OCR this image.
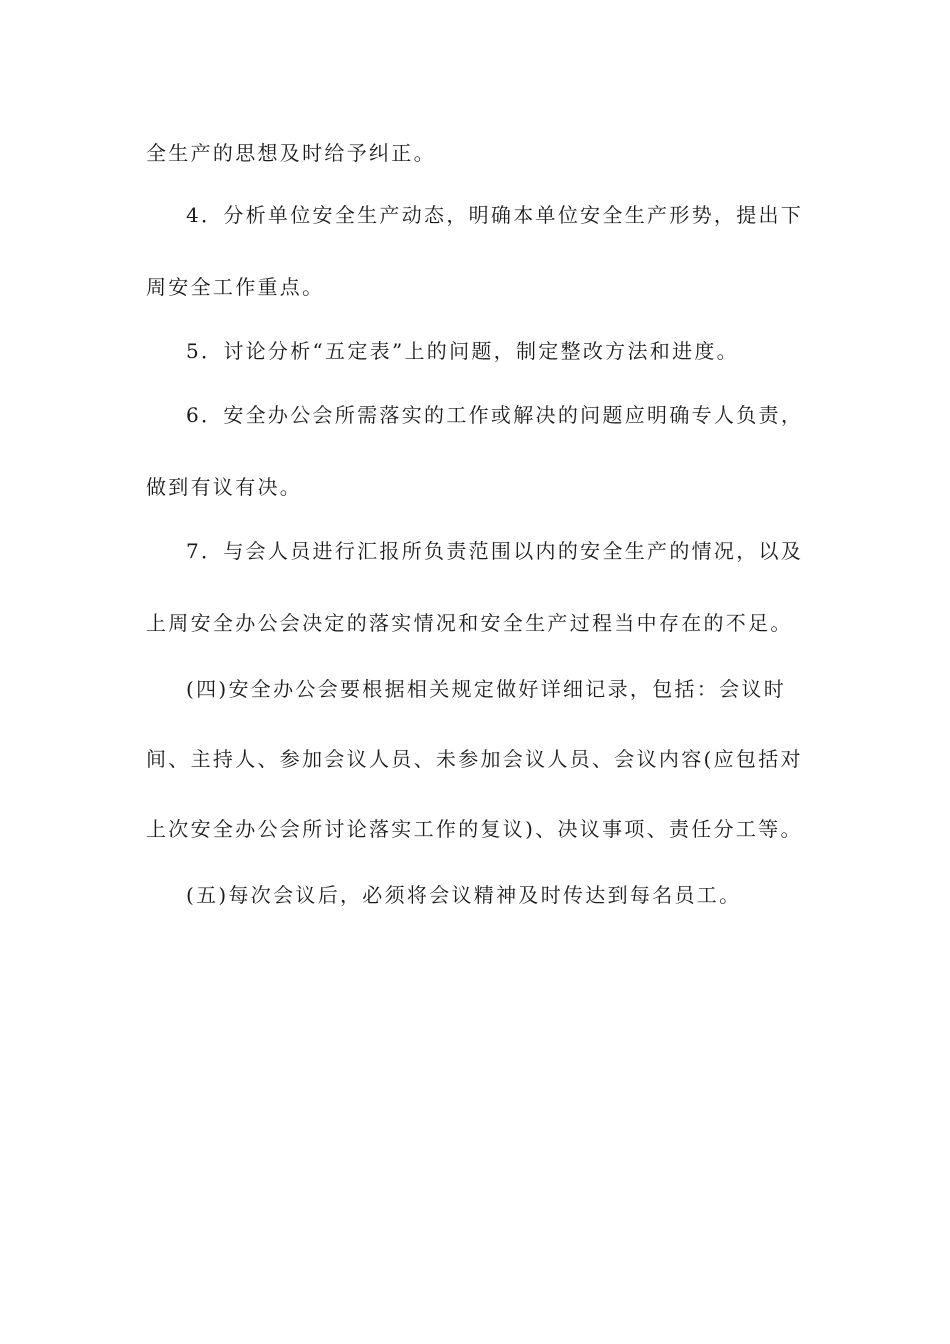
全生产的思想及时给予纠正。
4．分析单位安全生产动态，明确本单位安全生产形势，提出下
周安全工作重点。
5．讨论分析“五定表”上的问题，制定整改方法和进度。
6．安全办公会所需落实的工作或解决的问题应明确专人负责，
做到有议有决。
7．与会人员进行汇报所负责范围以内的安全生产的情况，以及
上周安全办公会决定的落实情况和安全生产过程当中存在的不足。
(四)安全办公会要根据相关规定做好详细记录，包括：会议时
间、主持人、参加会议人员、未参加会议人员、会议内容(应包括对
上次安全办公会所讨论落实工作的复议)、决议事项、责任分工等。
(五)每次会议后，必须将会议精神及时传达到每名员工。
